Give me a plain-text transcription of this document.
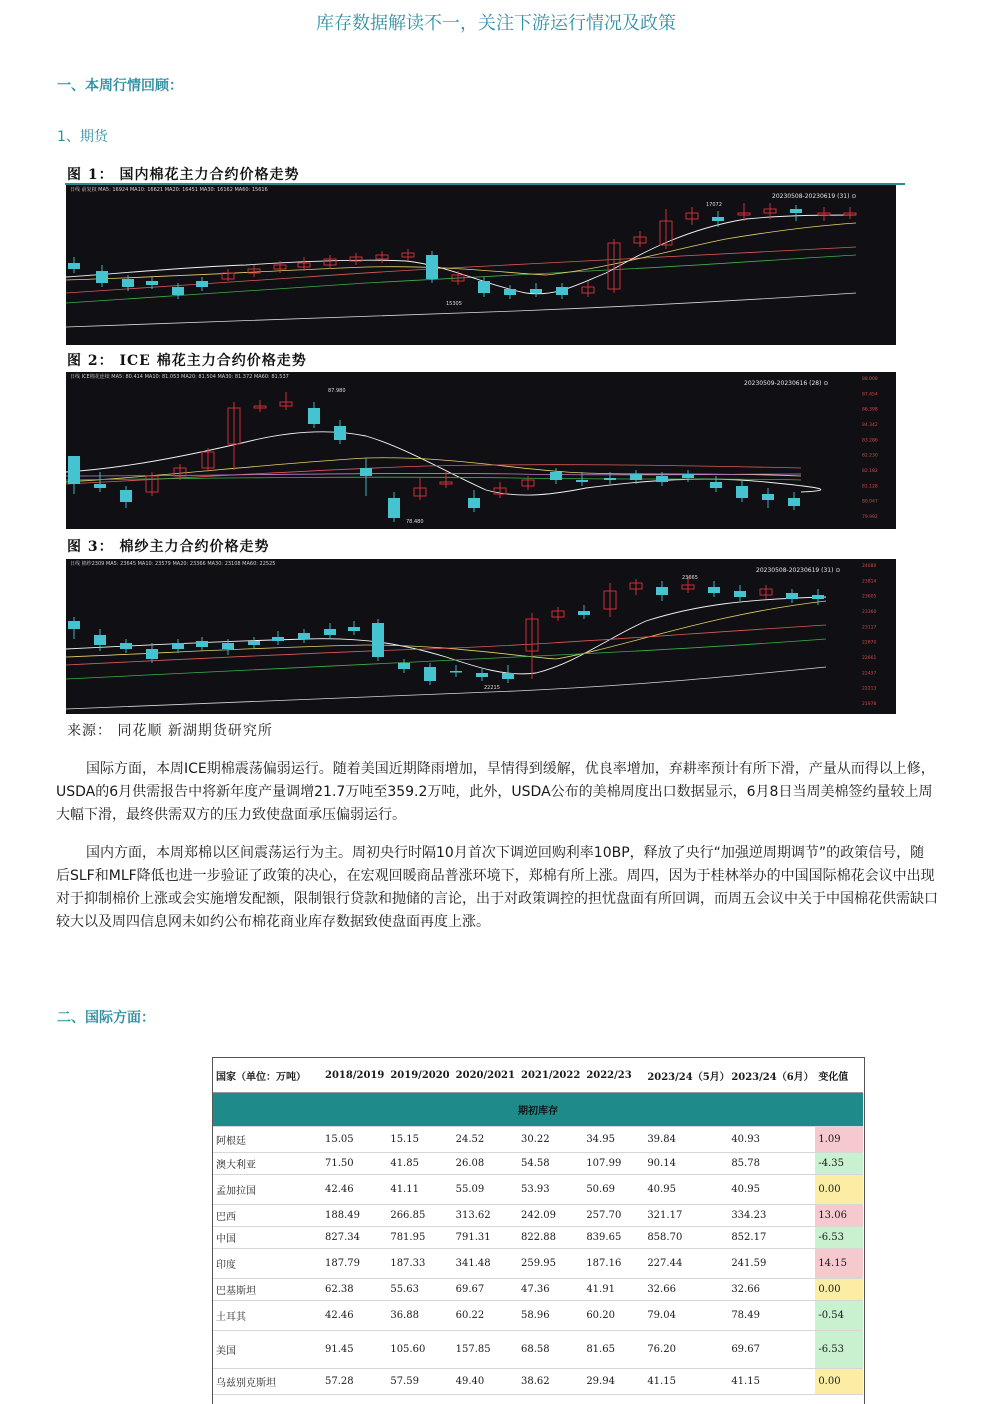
库存数据解读不一，关注下游运行情况及政策
一、本周行情回顾：
1、期货
图 1： 国内棉花主力合约价格走势
日线 前复权 MA5: 16924 MA10: 16621 MA20: 16451 MA30: 16162 MA60: 15616
20230508-20230619 (31) ⊙
17072
15305
图 2： ICE 棉花主力合约价格走势
日线 ICE棉花连续 MA5: 80.414 MA10: 81.053 MA20: 81.504 MA30: 81.372 MA60: 81.537
20230509-20230616 (28) ⊙
88.008
87.454
86.398
84.342
83.286
82.230
82.182
81.128
80.047
79.992
87.980
78.480
图 3： 棉纱主力合约价格走势
日线 棉纱2309 MA5: 23645 MA10: 23579 MA20: 23366 MA30: 23108 MA60: 22525
20230508-20230619 (31) ⊙
24080
23814
23605
23360
23117
22870
22661
22437
22213
21978
23665
22215
来源： 同花顺 新湖期货研究所
国际方面，本周ICE期棉震荡偏弱运行。随着美国近期降雨增加，旱情得到缓解，优良率增加，弃耕率预计有所下滑，产量从而得以上修，USDA的6月供需报告中将新年度产量调增21.7万吨至359.2万吨，此外，USDA公布的美棉周度出口数据显示，6月8日当周美棉签约量较上周大幅下滑，最终供需双方的压力致使盘面承压偏弱运行。
国内方面，本周郑棉以区间震荡运行为主。周初央行时隔10月首次下调逆回购利率10BP，释放了央行“加强逆周期调节”的政策信号，随后SLF和MLF降低也进一步验证了政策的决心，在宏观回暖商品普涨环境下，郑棉有所上涨。周四，因为于桂林举办的中国国际棉花会议中出现对于抑制棉价上涨或会实施增发配额，限制银行贷款和抛储的言论，出于对政策调控的担忧盘面有所回调，而周五会议中关于中国棉花供需缺口较大以及周四信息网未如约公布棉花商业库存数据致使盘面再度上涨。
二、国际方面：
国家（单位：万吨）	2018/2019	2019/2020	2020/2021	2021/2022	2022/23	2023/24（5月）	2023/24（6月）	变化值
期初库存								
阿根廷	15.05	15.15	24.52	30.22	34.95	39.84	40.93	1.09
澳大利亚	71.50	41.85	26.08	54.58	107.99	90.14	85.78	-4.35
孟加拉国	42.46	41.11	55.09	53.93	50.69	40.95	40.95	0.00
巴西	188.49	266.85	313.62	242.09	257.70	321.17	334.23	13.06
中国	827.34	781.95	791.31	822.88	839.65	858.70	852.17	-6.53
印度	187.79	187.33	341.48	259.95	187.16	227.44	241.59	14.15
巴基斯坦	62.38	55.63	69.67	47.36	41.91	32.66	32.66	0.00
土耳其	42.46	36.88	60.22	58.96	60.20	79.04	78.49	-0.54
美国	91.45	105.60	157.85	68.58	81.65	76.20	69.67	-6.53
乌兹别克斯坦	57.28	57.59	49.40	38.62	29.94	41.15	41.15	0.00
